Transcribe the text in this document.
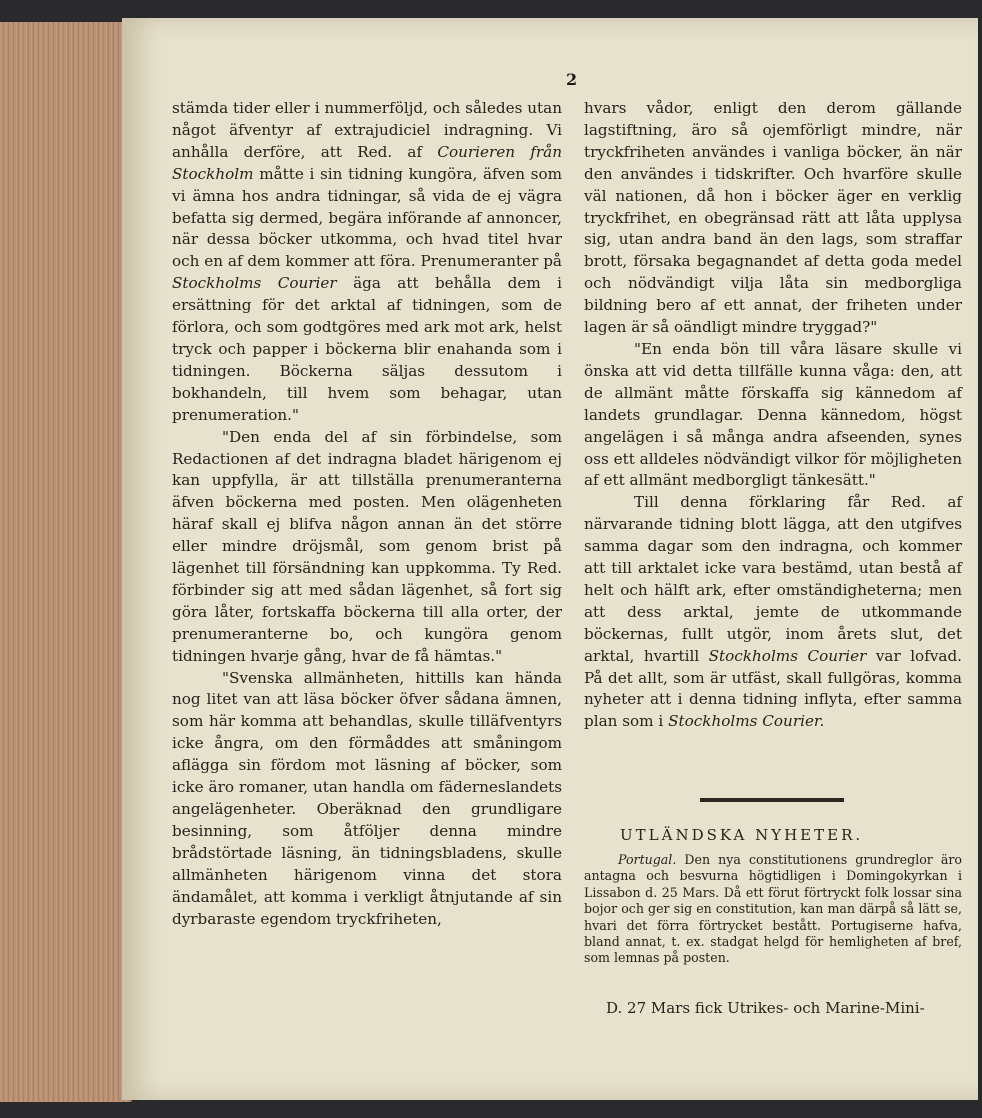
2

stämda tider eller i nummerföljd, och således utan något äfventyr af extrajudiciel indragning. Vi anhålla derföre, att Red. af Courieren från Stockholm måtte i sin tidning kungöra, äfven som vi ämna hos andra tidningar, så vida de ej vägra befatta sig dermed, begära införande af annoncer, när dessa böcker utkomma, och hvad titel hvar och en af dem kommer att föra. Prenumeranter på Stockholms Courier äga att behålla dem i ersättning för det arktal af tidningen, som de förlora, och som godtgöres med ark mot ark, helst tryck och papper i böckerna blir enahanda som i tidningen. Böckerna säljas dessutom i bokhandeln, till hvem som behagar, utan prenumeration."

"Den enda del af sin förbindelse, som Redactionen af det indragna bladet härigenom ej kan uppfylla, är att tillställa prenumeranterna äfven böckerna med posten. Men olägenheten häraf skall ej blifva någon annan än det större eller mindre dröjsmål, som genom brist på lägenhet till försändning kan uppkomma. Ty Red. förbinder sig att med sådan lägenhet, så fort sig göra låter, fortskaffa böckerna till alla orter, der prenumeranterne bo, och kungöra genom tidningen hvarje gång, hvar de få hämtas."

"Svenska allmänheten, hittills kan hända nog litet van att läsa böcker öfver sådana ämnen, som här komma att behandlas, skulle tilläfventyrs icke ångra, om den förmåddes att småningom aflägga sin fördom mot läsning af böcker, som icke äro romaner, utan handla om fäderneslandets angelägenheter. Oberäknad den grundligare besinning, som åtföljer denna mindre brådstörtade läsning, än tidningsbladens, skulle allmänheten härigenom vinna det stora ändamålet, att komma i verkligt åtnjutande af sin dyrbaraste egendom tryckfriheten,

hvars vådor, enligt den derom gällande lagstiftning, äro så ojemförligt mindre, när tryckfriheten användes i vanliga böcker, än när den användes i tidskrifter. Och hvarföre skulle väl nationen, då hon i böcker äger en verklig tryckfrihet, en obegränsad rätt att låta upplysa sig, utan andra band än den lags, som straffar brott, försaka begagnandet af detta goda medel och nödvändigt vilja låta sin medborgliga bildning bero af ett annat, der friheten under lagen är så oändligt mindre tryggad?"

"En enda bön till våra läsare skulle vi önska att vid detta tillfälle kunna våga: den, att de allmänt måtte förskaffa sig kännedom af landets grundlagar. Denna kännedom, högst angelägen i så många andra afseenden, synes oss ett alldeles nödvändigt vilkor för möjligheten af ett allmänt medborgligt tänkesätt."

Till denna förklaring får Red. af närvarande tidning blott lägga, att den utgifves samma dagar som den indragna, och kommer att till arktalet icke vara bestämd, utan bestå af helt och hälft ark, efter omständigheterna; men att dess arktal, jemte de utkommande böckernas, fullt utgör, inom årets slut, det arktal, hvartill Stockholms Courier var lofvad. På det allt, som är utfäst, skall fullgöras, komma nyheter att i denna tidning inflyta, efter samma plan som i Stockholms Courier.

UTLÄNDSKA NYHETER.

Portugal. Den nya constitutionens grundreglor äro antagna och besvurna högtidligen i Domingokyrkan i Lissabon d. 25 Mars. Då ett förut förtryckt folk lossar sina bojor och ger sig en constitution, kan man därpå så lätt se, hvari det förra förtrycket bestått. Portugiserne hafva, bland annat, t. ex. stadgat helgd för hemligheten af bref, som lemnas på posten.

D. 27 Mars fick Utrikes- och Marine-Mini-
